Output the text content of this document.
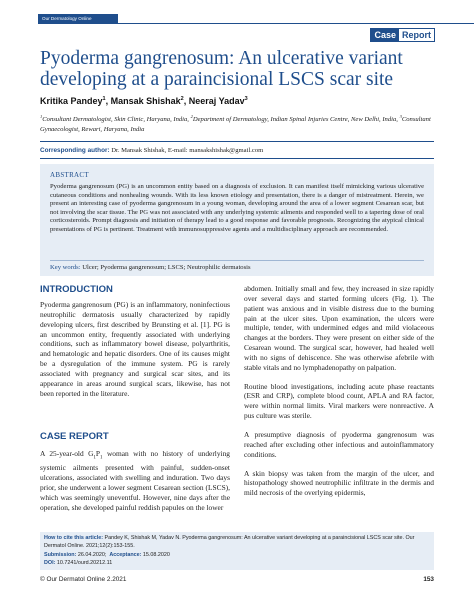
Our Dermatology Online
Case Report
Pyoderma gangrenosum: An ulcerative variant developing at a paraincisional LSCS scar site
Kritika Pandey$^1$, Mansak Shishak$^2$, Neeraj Yadav$^3$
$^1$Consultant Dermatologist, Skin Clinic, Haryana, India, $^2$Department of Dermatology, Indian Spinal Injuries Centre, New Delhi, India, $^3$Consultant Gynaecologist, Rewari, Haryana, India
Corresponding author: Dr. Mansak Shishak, E-mail: mansakshishak@gmail.com
ABSTRACT
Pyoderma gangrenosum (PG) is an uncommon entity based on a diagnosis of exclusion. It can manifest itself mimicking various ulcerative cutaneous conditions and nonhealing wounds. With its less known etiology and presentation, there is a danger of mistreatment. Herein, we present an interesting case of pyoderma gangrenosum in a young woman, developing around the area of a lower segment Cesarean scar, but not involving the scar tissue. The PG was not associated with any underlying systemic ailments and responded well to a tapering dose of oral corticosteroids. Prompt diagnosis and initiation of therapy lead to a good response and favorable prognosis. Recognizing the atypical clinical presentations of PG is pertinent. Treatment with immunosuppressive agents and a multidisciplinary approach are recommended.
Key words: Ulcer; Pyoderma gangrenosum; LSCS; Neutrophilic dermatosis
INTRODUCTION
Pyoderma gangrenosum (PG) is an inflammatory, noninfectious neutrophilic dermatosis usually characterized by rapidly developing ulcers, first described by Brunsting et al. [1]. PG is an uncommon entity, frequently associated with underlying conditions, such as inflammatory bowel disease, polyarthritis, and hematologic and hepatic disorders. One of its causes might be a dysregulation of the immune system. PG is rarely associated with pregnancy and surgical scar sites, and its appearance in areas around surgical scars, likewise, has not been reported in the literature.
CASE REPORT
A 25-year-old $G_1P_1$ woman with no history of underlying systemic ailments presented with painful, sudden-onset ulcerations, associated with swelling and induration. Two days prior, she underwent a lower segment Cesarean section (LSCS), which was seemingly uneventful. However, nine days after the operation, she developed painful reddish papules on the lower

abdomen. Initially small and few, they increased in size rapidly over several days and started forming ulcers (Fig. 1). The patient was anxious and in visible distress due to the burning pain at the ulcer sites. Upon examination, the ulcers were multiple, tender, with undermined edges and mild violaceous changes at the borders. They were present on either side of the Cesarean wound. The surgical scar, however, had healed well with no signs of dehiscence. She was otherwise afebrile with stable vitals and no lymphadenopathy on palpation.

Routine blood investigations, including acute phase reactants (ESR and CRP), complete blood count, APLA and RA factor, were within normal limits. Viral markers were nonreactive. A pus culture was sterile.

A presumptive diagnosis of pyoderma gangrenosum was reached after excluding other infectious and autoinflammatory conditions.

A skin biopsy was taken from the margin of the ulcer, and histopathology showed neutrophilic infiltrate in the dermis and mild necrosis of the overlying epidermis,

How to cite this article: Pandey K, Shishak M, Yadav N. Pyoderma gangrenosum: An ulcerative variant developing at a paraincisional LSCS scar site. Our Dermatol Online. 2021;12(2):153-155.
Submission: 26.04.2020; Acceptance: 15.08.2020
DOI: 10.7241/ourd.20212.11
© Our Dermatol Online 2.2021	153
